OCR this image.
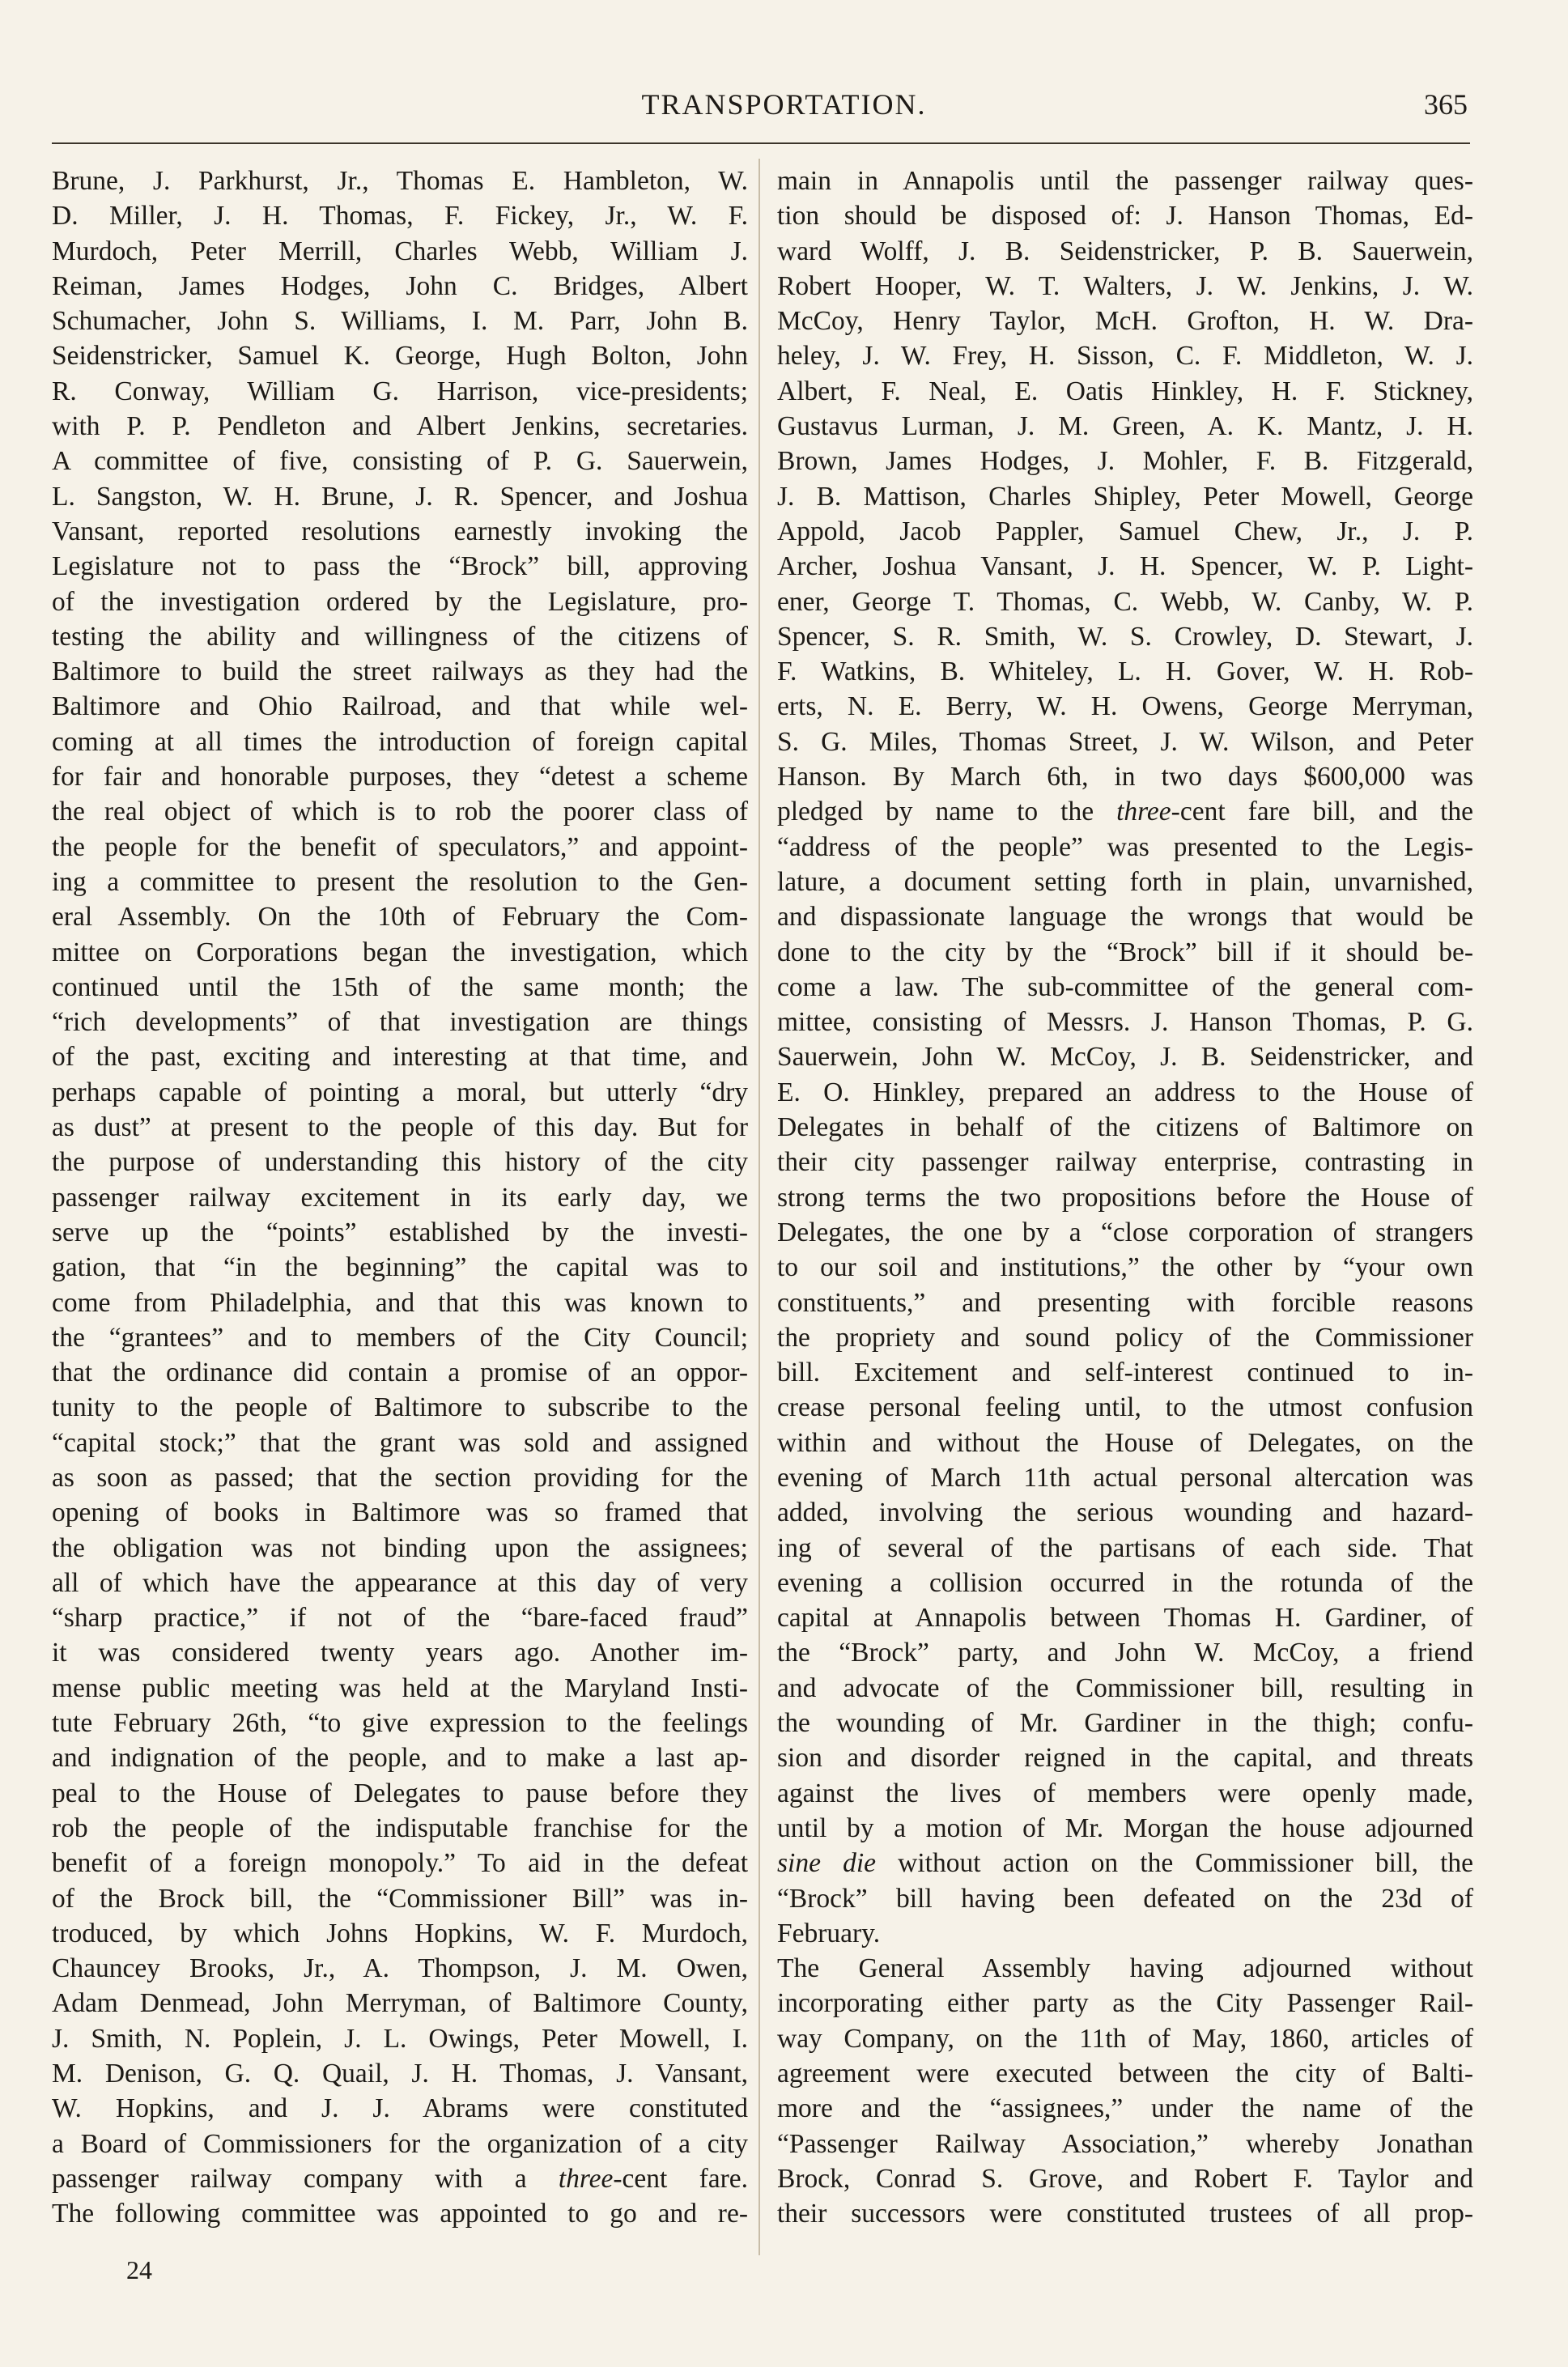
TRANSPORTATION.	365
Brune, J. Parkhurst, Jr., Thomas E. Hambleton, W.
D. Miller, J. H. Thomas, F. Fickey, Jr., W. F.
Murdoch, Peter Merrill, Charles Webb, William J.
Reiman, James Hodges, John C. Bridges, Albert
Schumacher, John S. Williams, I. M. Parr, John B.
Seidenstricker, Samuel K. George, Hugh Bolton, John
R. Conway, William G. Harrison, vice-presidents;
with P. P. Pendleton and Albert Jenkins, secretaries.
A committee of five, consisting of P. G. Sauerwein,
L. Sangston, W. H. Brune, J. R. Spencer, and Joshua
Vansant, reported resolutions earnestly invoking the
Legislature not to pass the “Brock” bill, approving
of the investigation ordered by the Legislature, pro-
testing the ability and willingness of the citizens of
Baltimore to build the street railways as they had the
Baltimore and Ohio Railroad, and that while wel-
coming at all times the introduction of foreign capital
for fair and honorable purposes, they “detest a scheme
the real object of which is to rob the poorer class of
the people for the benefit of speculators,” and appoint-
ing a committee to present the resolution to the Gen-
eral Assembly. On the 10th of February the Com-
mittee on Corporations began the investigation, which
continued until the 15th of the same month; the
“rich developments” of that investigation are things
of the past, exciting and interesting at that time, and
perhaps capable of pointing a moral, but utterly “dry
as dust” at present to the people of this day. But for
the purpose of understanding this history of the city
passenger railway excitement in its early day, we
serve up the “points” established by the investi-
gation, that “in the beginning” the capital was to
come from Philadelphia, and that this was known to
the “grantees” and to members of the City Council;
that the ordinance did contain a promise of an oppor-
tunity to the people of Baltimore to subscribe to the
“capital stock;” that the grant was sold and assigned
as soon as passed; that the section providing for the
opening of books in Baltimore was so framed that
the obligation was not binding upon the assignees;
all of which have the appearance at this day of very
“sharp practice,” if not of the “bare-faced fraud”
it was considered twenty years ago. Another im-
mense public meeting was held at the Maryland Insti-
tute February 26th, “to give expression to the feelings
and indignation of the people, and to make a last ap-
peal to the House of Delegates to pause before they
rob the people of the indisputable franchise for the
benefit of a foreign monopoly.” To aid in the defeat
of the Brock bill, the “Commissioner Bill” was in-
troduced, by which Johns Hopkins, W. F. Murdoch,
Chauncey Brooks, Jr., A. Thompson, J. M. Owen,
Adam Denmead, John Merryman, of Baltimore County,
J. Smith, N. Poplein, J. L. Owings, Peter Mowell, I.
M. Denison, G. Q. Quail, J. H. Thomas, J. Vansant,
W. Hopkins, and J. J. Abrams were constituted
a Board of Commissioners for the organization of a city
passenger railway company with a three-cent fare.
The following committee was appointed to go and re-
main in Annapolis until the passenger railway ques-
tion should be disposed of: J. Hanson Thomas, Ed-
ward Wolff, J. B. Seidenstricker, P. B. Sauerwein,
Robert Hooper, W. T. Walters, J. W. Jenkins, J. W.
McCoy, Henry Taylor, McH. Grofton, H. W. Dra-
heley, J. W. Frey, H. Sisson, C. F. Middleton, W. J.
Albert, F. Neal, E. Oatis Hinkley, H. F. Stickney,
Gustavus Lurman, J. M. Green, A. K. Mantz, J. H.
Brown, James Hodges, J. Mohler, F. B. Fitzgerald,
J. B. Mattison, Charles Shipley, Peter Mowell, George
Appold, Jacob Pappler, Samuel Chew, Jr., J. P.
Archer, Joshua Vansant, J. H. Spencer, W. P. Light-
ener, George T. Thomas, C. Webb, W. Canby, W. P.
Spencer, S. R. Smith, W. S. Crowley, D. Stewart, J.
F. Watkins, B. Whiteley, L. H. Gover, W. H. Rob-
erts, N. E. Berry, W. H. Owens, George Merryman,
S. G. Miles, Thomas Street, J. W. Wilson, and Peter
Hanson. By March 6th, in two days $600,000 was
pledged by name to the three-cent fare bill, and the
“address of the people” was presented to the Legis-
lature, a document setting forth in plain, unvarnished,
and dispassionate language the wrongs that would be
done to the city by the “Brock” bill if it should be-
come a law. The sub-committee of the general com-
mittee, consisting of Messrs. J. Hanson Thomas, P. G.
Sauerwein, John W. McCoy, J. B. Seidenstricker, and
E. O. Hinkley, prepared an address to the House of
Delegates in behalf of the citizens of Baltimore on
their city passenger railway enterprise, contrasting in
strong terms the two propositions before the House of
Delegates, the one by a “close corporation of strangers
to our soil and institutions,” the other by “your own
constituents,” and presenting with forcible reasons
the propriety and sound policy of the Commissioner
bill. Excitement and self-interest continued to in-
crease personal feeling until, to the utmost confusion
within and without the House of Delegates, on the
evening of March 11th actual personal altercation was
added, involving the serious wounding and hazard-
ing of several of the partisans of each side. That
evening a collision occurred in the rotunda of the
capital at Annapolis between Thomas H. Gardiner, of
the “Brock” party, and John W. McCoy, a friend
and advocate of the Commissioner bill, resulting in
the wounding of Mr. Gardiner in the thigh; confu-
sion and disorder reigned in the capital, and threats
against the lives of members were openly made,
until by a motion of Mr. Morgan the house adjourned
sine die without action on the Commissioner bill, the
“Brock” bill having been defeated on the 23d of
February.
The General Assembly having adjourned without
incorporating either party as the City Passenger Rail-
way Company, on the 11th of May, 1860, articles of
agreement were executed between the city of Balti-
more and the “assignees,” under the name of the
“Passenger Railway Association,” whereby Jonathan
Brock, Conrad S. Grove, and Robert F. Taylor and
their successors were constituted trustees of all prop-
24
